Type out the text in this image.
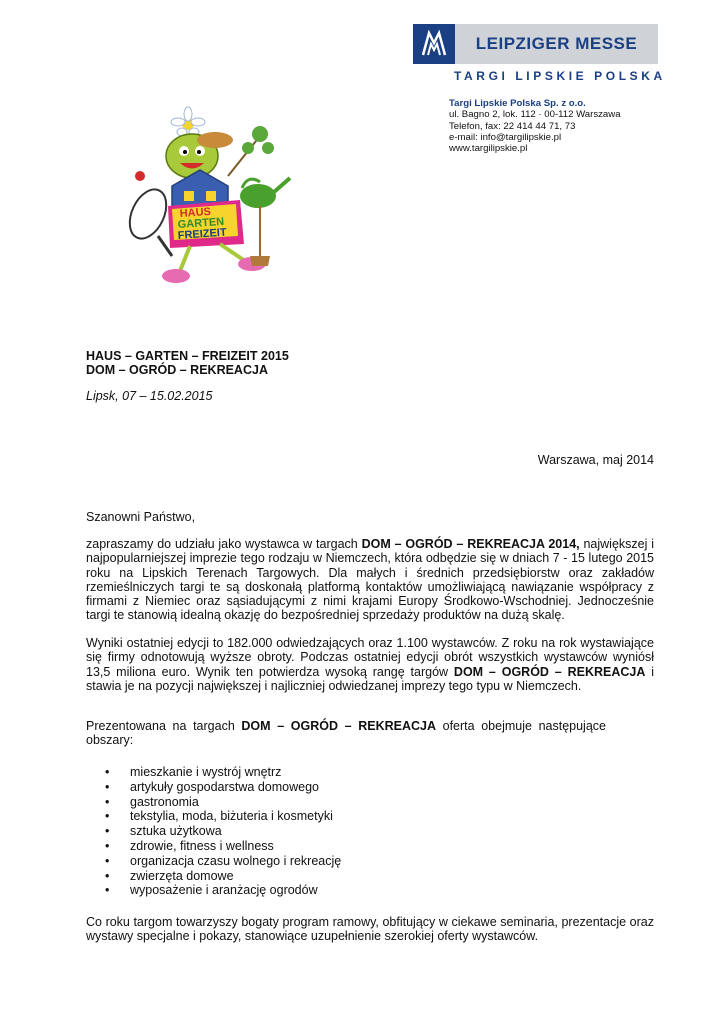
LEIPZIGER MESSE
TARGI LIPSKIE POLSKA
Targi Lipskie Polska Sp. z o.o.
ul. Bagno 2, lok. 112 · 00-112 Warszawa
Telefon, fax: 22 414 44 71, 73
e-mail: info@targilipskie.pl
www.targilipskie.pl
HAUS
GARTEN
FREIZEIT
HAUS – GARTEN – FREIZEIT 2015
DOM – OGRÓD – REKREACJA
Lipsk, 07 – 15.02.2015
Warszawa, maj 2014
Szanowni Państwo,
zapraszamy do udziału jako wystawca w targach DOM – OGRÓD – REKREACJA 2014, największej i najpopularniejszej imprezie tego rodzaju w Niemczech, która odbędzie się w dniach 7 - 15 lutego 2015 roku na Lipskich Terenach Targowych. Dla małych i średnich przedsiębiorstw oraz zakładów rzemieślniczych targi te są doskonałą platformą kontaktów umożliwiającą nawiązanie współpracy z firmami z Niemiec oraz sąsiadującymi z nimi krajami Europy Środkowo-Wschodniej. Jednocześnie targi te stanowią idealną okazję do bezpośredniej sprzedaży produktów na dużą skalę.
Wyniki ostatniej edycji to 182.000 odwiedzających oraz 1.100 wystawców. Z roku na rok wystawiające się firmy odnotowują wyższe obroty. Podczas ostatniej edycji obrót wszystkich wystawców wyniósł 13,5 miliona euro. Wynik ten potwierdza wysoką rangę targów DOM – OGRÓD – REKREACJA i stawia je na pozycji największej i najliczniej odwiedzanej imprezy tego typu w Niemczech.
Prezentowana na targach DOM – OGRÓD – REKREACJA oferta obejmuje następujące obszary:
•	mieszkanie i wystrój wnętrz
•	artykuły gospodarstwa domowego
•	gastronomia
•	tekstylia, moda, biżuteria i kosmetyki
•	sztuka użytkowa
•	zdrowie, fitness i wellness
•	organizacja czasu wolnego i rekreację
•	zwierzęta domowe
•	wyposażenie i aranżację ogrodów
Co roku targom towarzyszy bogaty program ramowy, obfitujący w ciekawe seminaria, prezentacje oraz wystawy specjalne i pokazy, stanowiące uzupełnienie szerokiej oferty wystawców.
